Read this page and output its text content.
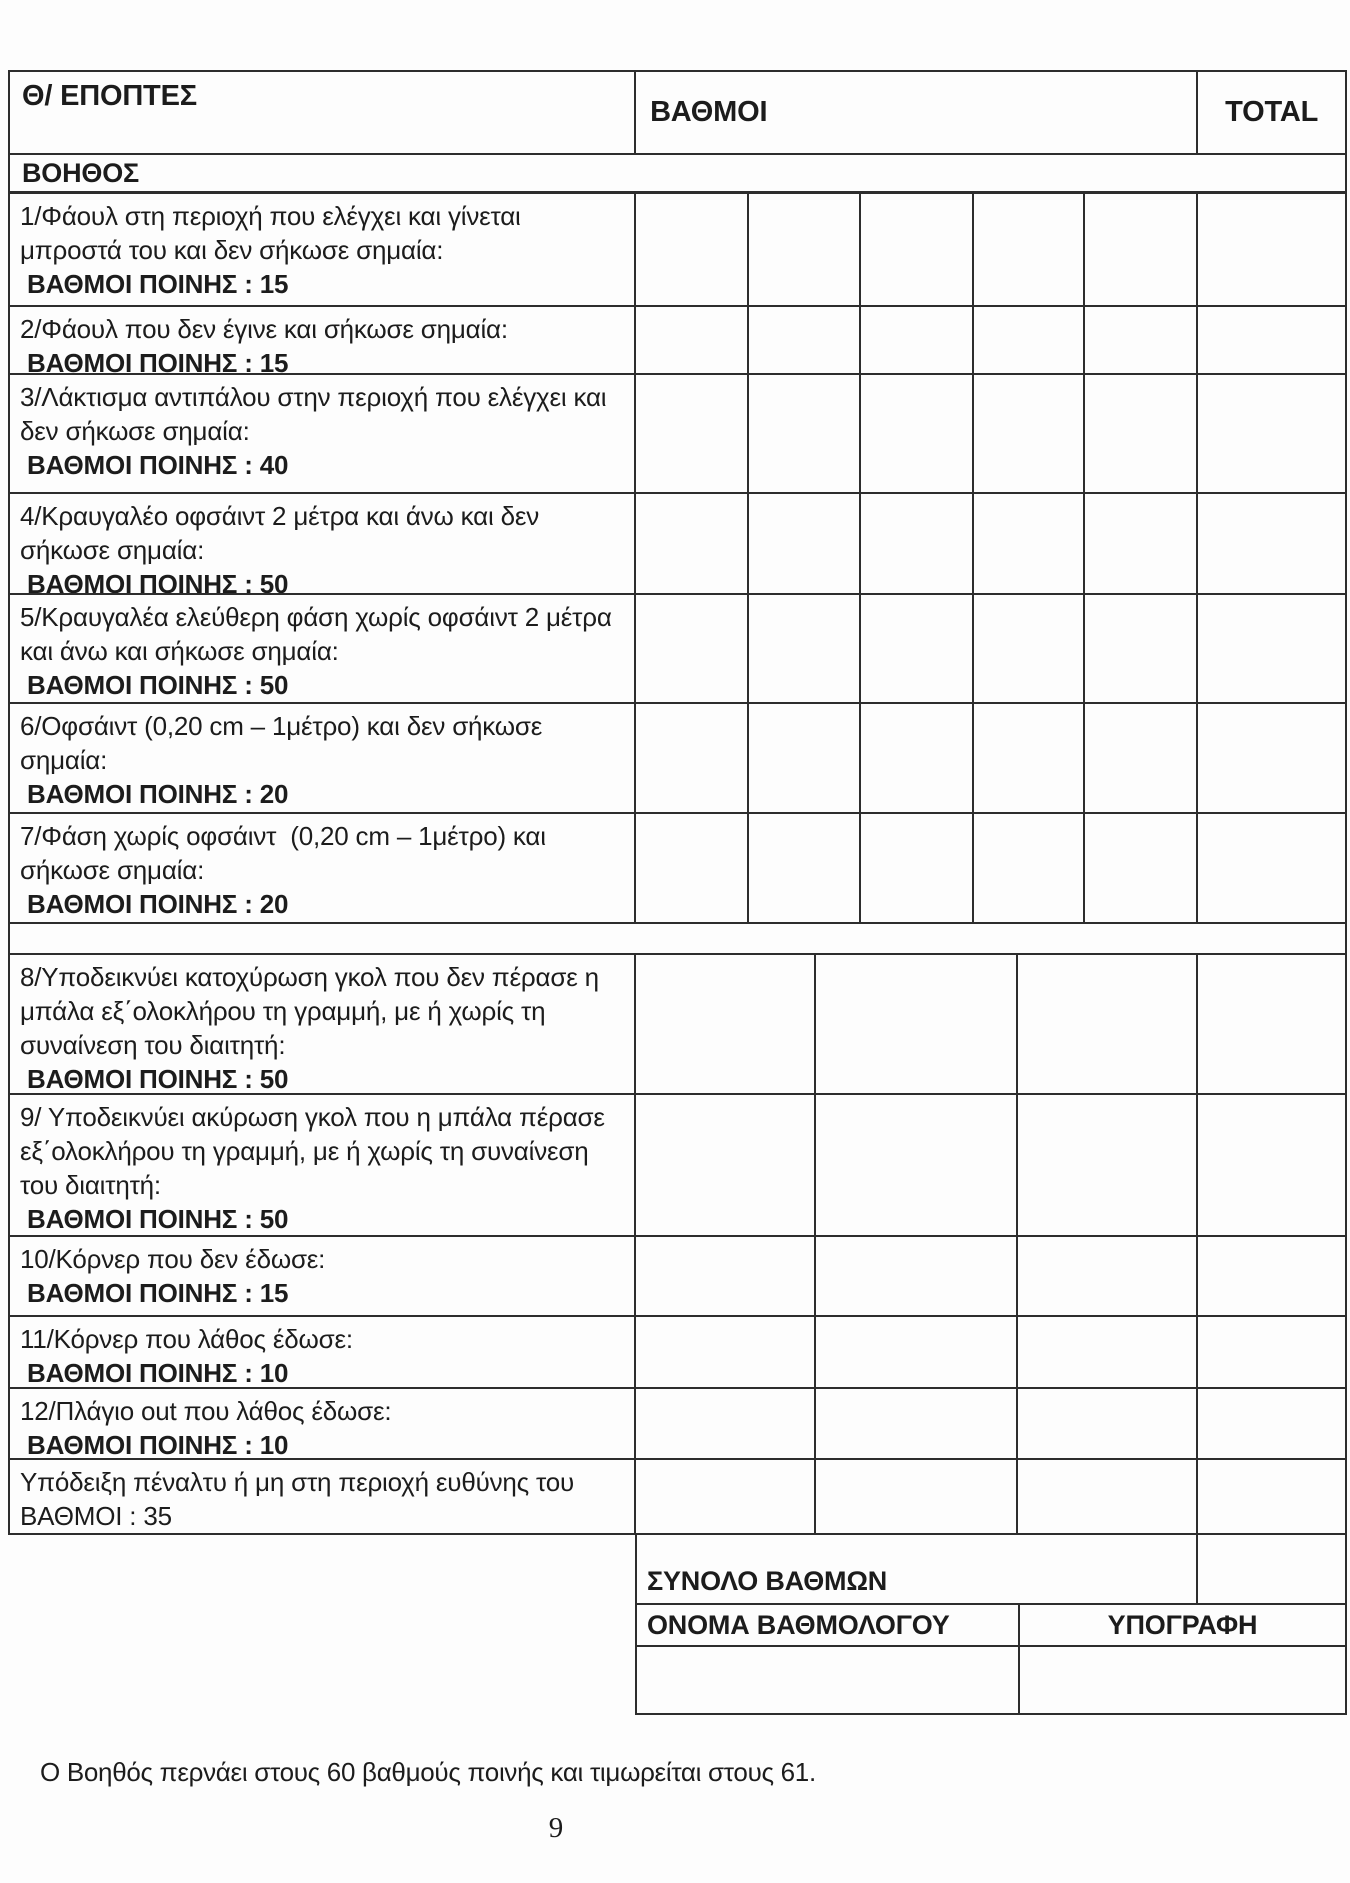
Θ/ ΕΠΟΠΤΕΣ	ΒΑΘΜΟΙ	TOTAL
ΒΟΗΘΟΣ
1/Φάουλ στη περιοχή που ελέγχει και γίνεται
μπροστά του και δεν σήκωσε σημαία:
ΒΑΘΜΟΙ ΠΟΙΝΗΣ : 15
2/Φάουλ που δεν έγινε και σήκωσε σημαία:
ΒΑΘΜΟΙ ΠΟΙΝΗΣ : 15
3/Λάκτισμα αντιπάλου στην περιοχή που ελέγχει και
δεν σήκωσε σημαία:
ΒΑΘΜΟΙ ΠΟΙΝΗΣ : 40
4/Κραυγαλέο οφσάιντ 2 μέτρα και άνω και δεν
σήκωσε σημαία:
ΒΑΘΜΟΙ ΠΟΙΝΗΣ : 50
5/Κραυγαλέα ελεύθερη φάση χωρίς οφσάιντ 2 μέτρα
και άνω και σήκωσε σημαία:
ΒΑΘΜΟΙ ΠΟΙΝΗΣ : 50
6/Οφσάιντ (0,20 cm – 1μέτρο) και δεν σήκωσε
σημαία:
ΒΑΘΜΟΙ ΠΟΙΝΗΣ : 20
7/Φάση χωρίς οφσάιντ  (0,20 cm – 1μέτρο) και
σήκωσε σημαία:
ΒΑΘΜΟΙ ΠΟΙΝΗΣ : 20
8/Υποδεικνύει κατοχύρωση γκολ που δεν πέρασε η
μπάλα εξ΄ολοκλήρου τη γραμμή, με ή χωρίς τη
συναίνεση του διαιτητή:
ΒΑΘΜΟΙ ΠΟΙΝΗΣ : 50
9/ Υποδεικνύει ακύρωση γκολ που η μπάλα πέρασε
εξ΄ολοκλήρου τη γραμμή, με ή χωρίς τη συναίνεση
του διαιτητή:
ΒΑΘΜΟΙ ΠΟΙΝΗΣ : 50
10/Κόρνερ που δεν έδωσε:
ΒΑΘΜΟΙ ΠΟΙΝΗΣ : 15
11/Κόρνερ που λάθος έδωσε:
ΒΑΘΜΟΙ ΠΟΙΝΗΣ : 10
12/Πλάγιο out που λάθος έδωσε:
ΒΑΘΜΟΙ ΠΟΙΝΗΣ : 10
Υπόδειξη πέναλτυ ή μη στη περιοχή ευθύνης του
ΒΑΘΜΟΙ : 35
ΣΥΝΟΛΟ ΒΑΘΜΩΝ
ΟΝΟΜΑ ΒΑΘΜΟΛΟΓΟΥ	ΥΠΟΓΡΑΦΗ
Ο Βοηθός περνάει στους 60 βαθμούς ποινής και τιμωρείται στους 61.
9
